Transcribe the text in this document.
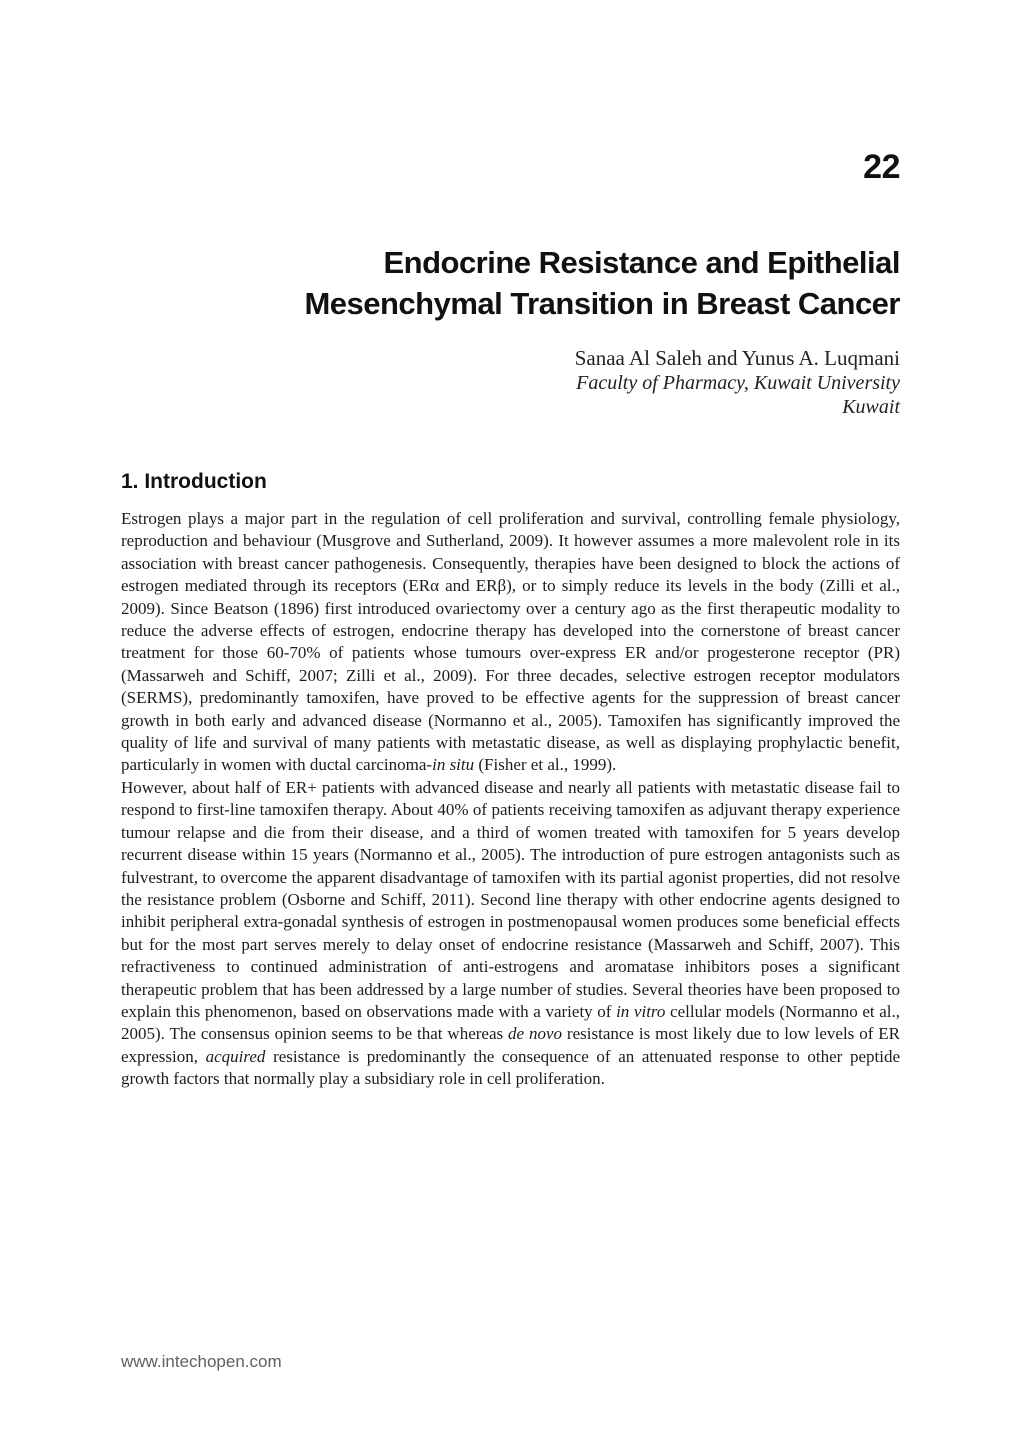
22
Endocrine Resistance and Epithelial
Mesenchymal Transition in Breast Cancer
Sanaa Al Saleh and Yunus A. Luqmani
Faculty of Pharmacy, Kuwait University
Kuwait
1. Introduction

Estrogen plays a major part in the regulation of cell proliferation and survival, controlling female physiology, reproduction and behaviour (Musgrove and Sutherland, 2009). It however assumes a more malevolent role in its association with breast cancer pathogenesis. Consequently, therapies have been designed to block the actions of estrogen mediated through its receptors (ERα and ERβ), or to simply reduce its levels in the body (Zilli et al., 2009). Since Beatson (1896) first introduced ovariectomy over a century ago as the first therapeutic modality to reduce the adverse effects of estrogen, endocrine therapy has developed into the cornerstone of breast cancer treatment for those 60-70% of patients whose tumours over-express ER and/or progesterone receptor (PR) (Massarweh and Schiff, 2007; Zilli et al., 2009). For three decades, selective estrogen receptor modulators (SERMS), predominantly tamoxifen, have proved to be effective agents for the suppression of breast cancer growth in both early and advanced disease (Normanno et al., 2005). Tamoxifen has significantly improved the quality of life and survival of many patients with metastatic disease, as well as displaying prophylactic benefit, particularly in women with ductal carcinoma-in situ (Fisher et al., 1999).

However, about half of ER+ patients with advanced disease and nearly all patients with metastatic disease fail to respond to first-line tamoxifen therapy. About 40% of patients receiving tamoxifen as adjuvant therapy experience tumour relapse and die from their disease, and a third of women treated with tamoxifen for 5 years develop recurrent disease within 15 years (Normanno et al., 2005). The introduction of pure estrogen antagonists such as fulvestrant, to overcome the apparent disadvantage of tamoxifen with its partial agonist properties, did not resolve the resistance problem (Osborne and Schiff, 2011). Second line therapy with other endocrine agents designed to inhibit peripheral extra-gonadal synthesis of estrogen in postmenopausal women produces some beneficial effects but for the most part serves merely to delay onset of endocrine resistance (Massarweh and Schiff, 2007). This refractiveness to continued administration of anti-estrogens and aromatase inhibitors poses a significant therapeutic problem that has been addressed by a large number of studies. Several theories have been proposed to explain this phenomenon, based on observations made with a variety of in vitro cellular models (Normanno et al., 2005). The consensus opinion seems to be that whereas de novo resistance is most likely due to low levels of ER expression, acquired resistance is predominantly the consequence of an attenuated response to other peptide growth factors that normally play a subsidiary role in cell proliferation.

www.intechopen.com
